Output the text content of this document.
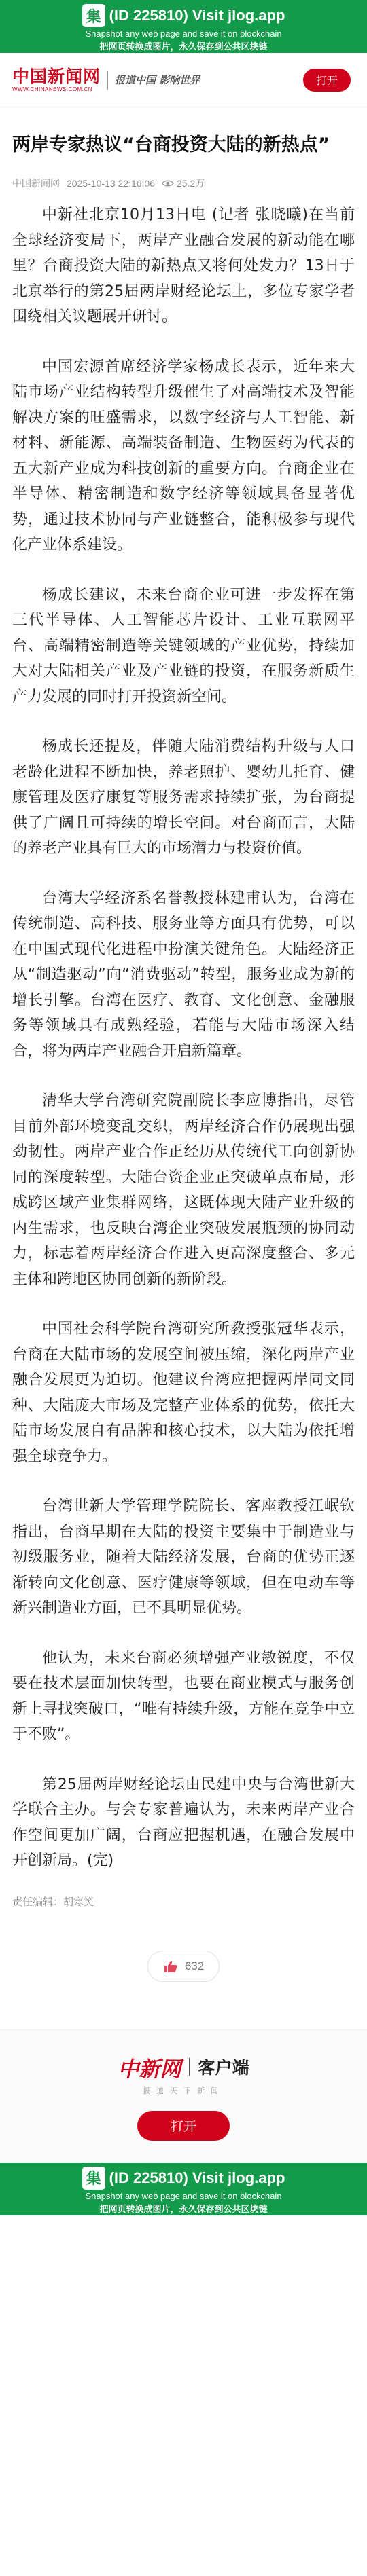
集 (ID 225810) Visit jlog.app
Snapshot any web page and save it on blockchain
把网页转换成图片，永久保存到公共区块链
中国新闻网
WWW.CHINANEWS.COM.CN
报道中国 影响世界	打开
两岸专家热议“台商投资大陆的新热点”
中国新闻网 2025-10-13 22:16:06 25.2万

中新社北京10月13日电 (记者 张晓曦)在当前全球经济变局下，两岸产业融合发展的新动能在哪里？台商投资大陆的新热点又将何处发力？13日于北京举行的第25届两岸财经论坛上，多位专家学者围绕相关议题展开研讨。

中国宏源首席经济学家杨成长表示，近年来大陆市场产业结构转型升级催生了对高端技术及智能解决方案的旺盛需求，以数字经济与人工智能、新材料、新能源、高端装备制造、生物医药为代表的五大新产业成为科技创新的重要方向。台商企业在半导体、精密制造和数字经济等领域具备显著优势，通过技术协同与产业链整合，能积极参与现代化产业体系建设。

杨成长建议，未来台商企业可进一步发挥在第三代半导体、人工智能芯片设计、工业互联网平台、高端精密制造等关键领域的产业优势，持续加大对大陆相关产业及产业链的投资，在服务新质生产力发展的同时打开投资新空间。

杨成长还提及，伴随大陆消费结构升级与人口老龄化进程不断加快，养老照护、婴幼儿托育、健康管理及医疗康复等服务需求持续扩张，为台商提供了广阔且可持续的增长空间。对台商而言，大陆的养老产业具有巨大的市场潜力与投资价值。

台湾大学经济系名誉教授林建甫认为，台湾在传统制造、高科技、服务业等方面具有优势，可以在中国式现代化进程中扮演关键角色。大陆经济正从“制造驱动”向“消费驱动”转型，服务业成为新的增长引擎。台湾在医疗、教育、文化创意、金融服务等领域具有成熟经验，若能与大陆市场深入结合，将为两岸产业融合开启新篇章。

清华大学台湾研究院副院长李应博指出，尽管目前外部环境变乱交织，两岸经济合作仍展现出强劲韧性。两岸产业合作正经历从传统代工向创新协同的深度转型。大陆台资企业正突破单点布局，形成跨区域产业集群网络，这既体现大陆产业升级的内生需求，也反映台湾企业突破发展瓶颈的协同动力，标志着两岸经济合作进入更高深度整合、多元主体和跨地区协同创新的新阶段。

中国社会科学院台湾研究所教授张冠华表示，台商在大陆市场的发展空间被压缩，深化两岸产业融合发展更为迫切。他建议台湾应把握两岸同文同种、大陆庞大市场及完整产业体系的优势，依托大陆市场发展自有品牌和核心技术，以大陆为依托增强全球竞争力。

台湾世新大学管理学院院长、客座教授江岷钦指出，台商早期在大陆的投资主要集中于制造业与初级服务业，随着大陆经济发展，台商的优势正逐渐转向文化创意、医疗健康等领域，但在电动车等新兴制造业方面，已不具明显优势。

他认为，未来台商必须增强产业敏锐度，不仅要在技术层面加快转型，也要在商业模式与服务创新上寻找突破口，“唯有持续升级，方能在竞争中立于不败”。

第25届两岸财经论坛由民建中央与台湾世新大学联合主办。与会专家普遍认为，未来两岸产业合作空间更加广阔，台商应把握机遇，在融合发展中开创新局。(完)

责任编辑：胡寒笑
632
中新网 客户端
报道天下新闻
打开
集 (ID 225810) Visit jlog.app
Snapshot any web page and save it on blockchain
把网页转换成图片，永久保存到公共区块链
